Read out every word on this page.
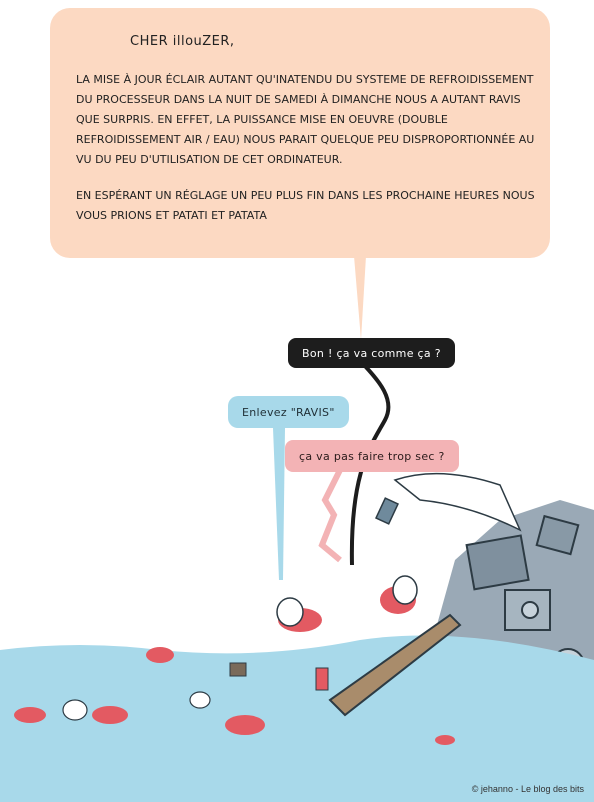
CHER illouZER,

LA MISE À JOUR ÉCLAIR AUTANT QU'INATENDU DU SYSTEME DE REFROIDISSEMENT DU PROCESSEUR DANS LA NUIT DE SAMEDI À DIMANCHE NOUS A AUTANT RAVIS QUE SURPRIS. EN EFFET, LA PUISSANCE MISE EN OEUVRE (DOUBLE REFROIDISSEMENT AIR / EAU) NOUS PARAIT QUELQUE PEU DISPROPORTIONNÉE AU VU DU PEU D'UTILISATION DE CET ORDINATEUR.

EN ESPÉRANT UN RÉGLAGE UN PEU PLUS FIN DANS LES PROCHAINE HEURES NOUS VOUS PRIONS ET PATATI ET PATATA

Bon ! ça va comme ça ?
Enlevez "RAVIS"
ça va pas faire trop sec ?
© jehanno - Le blog des bits
